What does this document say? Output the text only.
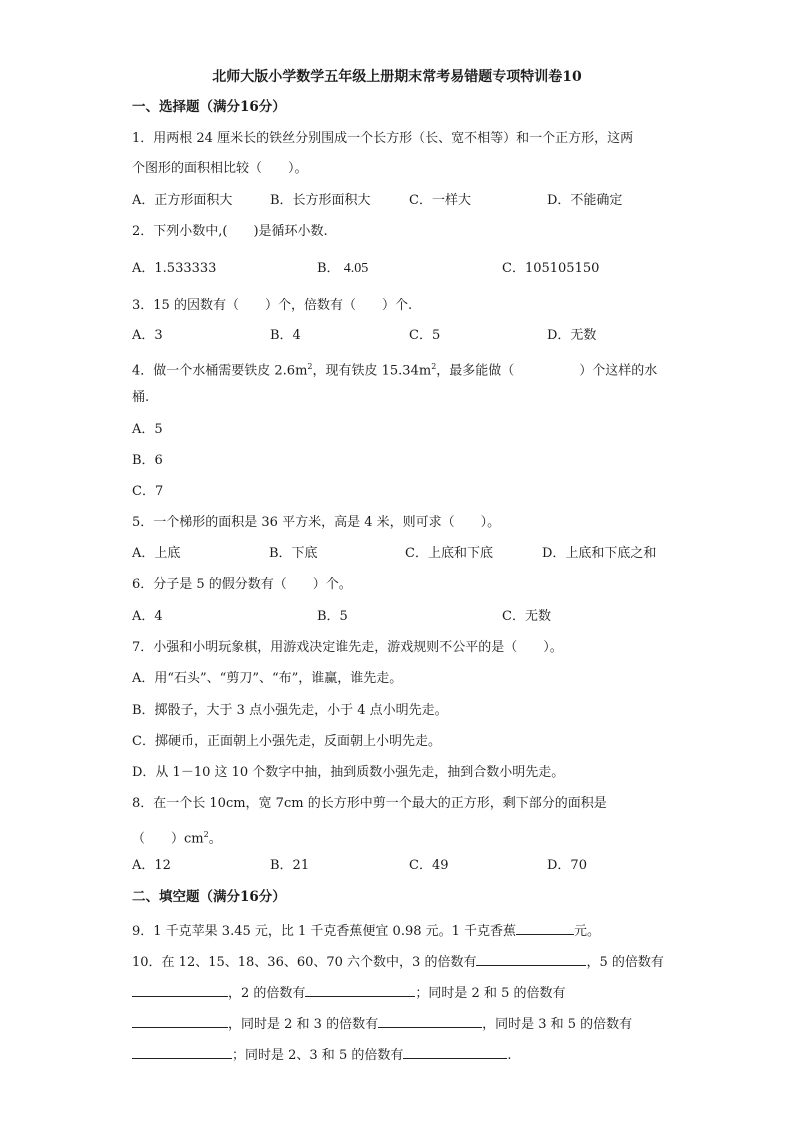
北师大版小学数学五年级上册期末常考易错题专项特训卷10
一、选择题（满分16分）
1．用两根 24 厘米长的铁丝分别围成一个长方形（长、宽不相等）和一个正方形，这两
个图形的面积相比较（　　）。
A．正方形面积大	B．长方形面积大	C．一样大	D．不能确定
2．下列小数中,(　　)是循环小数.
A．1.533333	B． 4.05	C．105105150
3．15 的因数有（　　）个，倍数有（　　）个.
A．3	B．4	C．5	D．无数
4．做一个水桶需要铁皮 $2.6m^2$，现有铁皮 $15.34m^2$，最多能做（　　　　　）个这样的水
桶.
A．5
B．6
C．7
5．一个梯形的面积是 36 平方米，高是 4 米，则可求（　　）。
A．上底	B．下底	C．上底和下底	D．上底和下底之和
6．分子是 5 的假分数有（　　）个。
A．4	B．5	C．无数
7．小强和小明玩象棋，用游戏决定谁先走，游戏规则不公平的是（　　）。
A．用“石头”、“剪刀”、“布”，谁赢，谁先走。
B．掷骰子，大于 3 点小强先走，小于 4 点小明先走。
C．掷硬币，正面朝上小强先走，反面朝上小明先走。
D．从 1－10 这 10 个数字中抽，抽到质数小强先走，抽到合数小明先走。
8．在一个长 10cm，宽 7cm 的长方形中剪一个最大的正方形，剩下部分的面积是
（　　）$cm^2$。
A．12	B．21	C．49	D．70
二、填空题（满分16分）
9．1 千克苹果 3.45 元，比 1 千克香蕉便宜 0.98 元。1 千克香蕉	元。
10．在 12、15、18、36、60、70 六个数中，3 的倍数有	，5 的倍数有
，2 的倍数有	；同时是 2 和 5 的倍数有
，同时是 2 和 3 的倍数有	，同时是 3 和 5 的倍数有
；同时是 2、3 和 5 的倍数有	.
